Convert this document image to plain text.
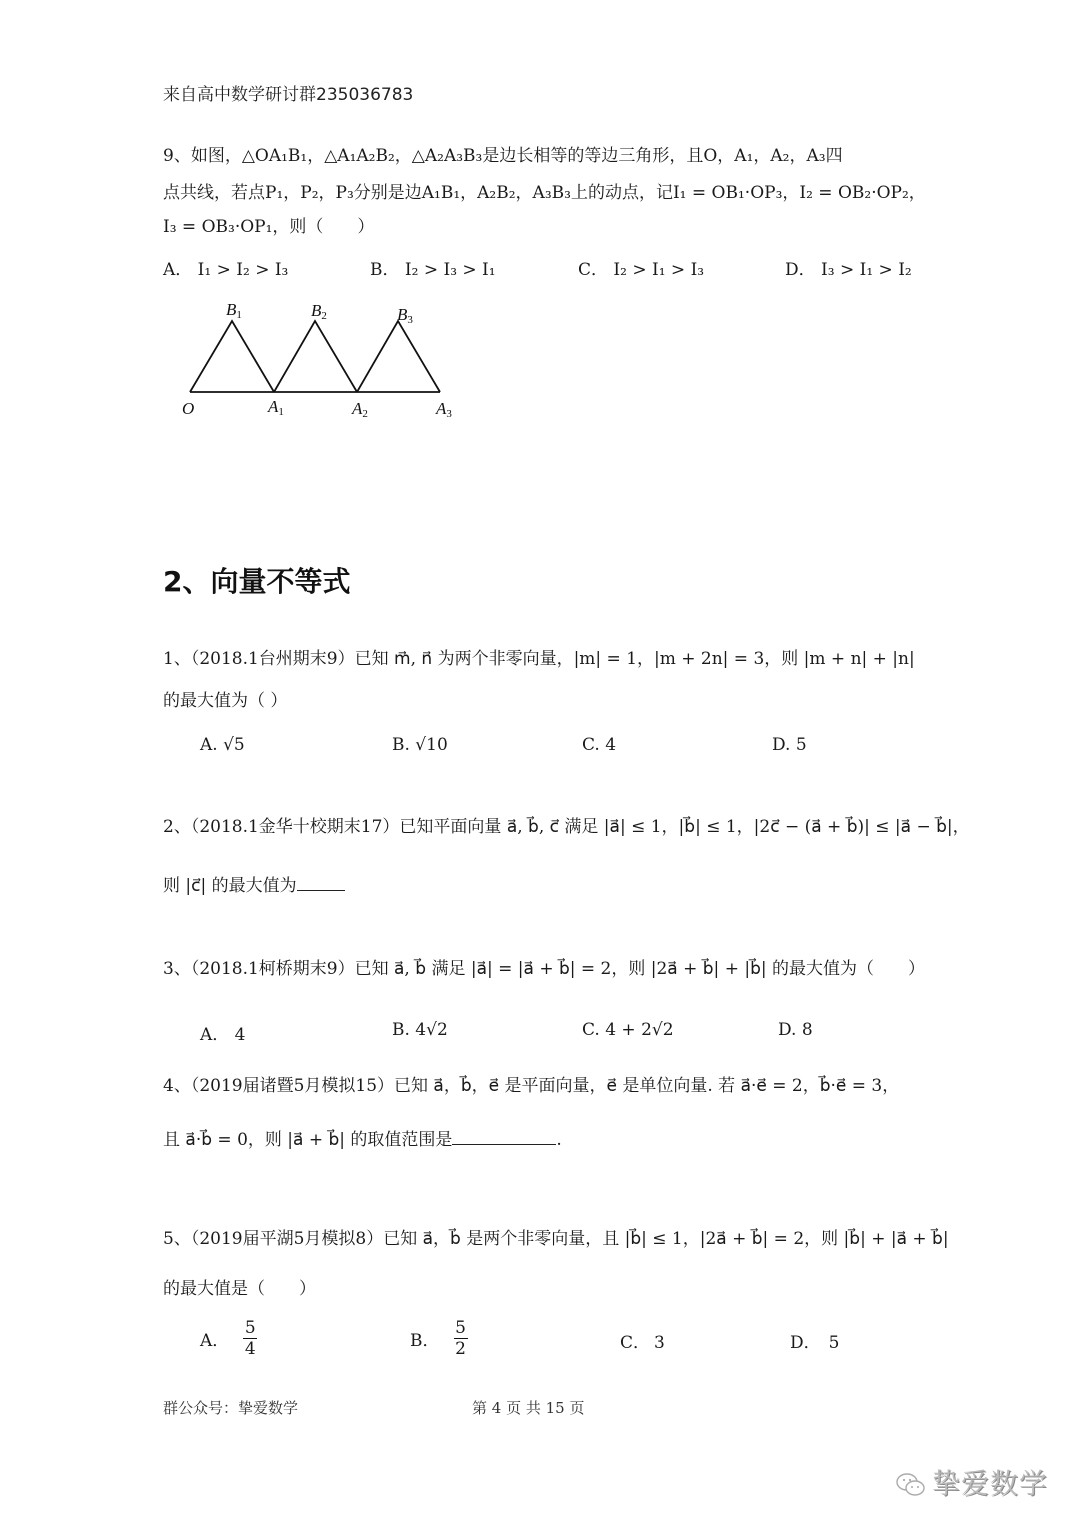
来自高中数学研讨群235036783
9、如图，△OA₁B₁，△A₁A₂B₂，△A₂A₃B₃是边长相等的等边三角形，且O，A₁，A₂，A₃四
点共线，若点P₁，P₂，P₃分别是边A₁B₁，A₂B₂，A₃B₃上的动点，记I₁ = OB₁·OP₃，I₂ = OB₂·OP₂，
I₃ = OB₃·OP₁，则（　　）
A． I₁ > I₂ > I₃	B． I₂ > I₃ > I₁	C． I₂ > I₁ > I₃	D． I₃ > I₁ > I₂
O	A1	A2	A3
B1	B2	B3
2、向量不等式
1、（2018.1台州期末9）已知 m⃗, n⃗ 为两个非零向量，|m| = 1，|m + 2n| = 3，则 |m + n| + |n|
的最大值为（ ）
A. √5	B. √10	C. 4	D. 5
2、（2018.1金华十校期末17）已知平面向量 a⃗, b⃗, c⃗ 满足 |a⃗| ≤ 1，|b⃗| ≤ 1，|2c⃗ − (a⃗ + b⃗)| ≤ |a⃗ − b⃗|，
则 |c⃗| 的最大值为
3、（2018.1柯桥期末9）已知 a⃗, b⃗ 满足 |a⃗| = |a⃗ + b⃗| = 2，则 |2a⃗ + b⃗| + |b⃗| 的最大值为（　　）
A． 4	B. 4√2	C. 4 + 2√2	D. 8
4、（2019届诸暨5月模拟15）已知 a⃗，b⃗，e⃗ 是平面向量，e⃗ 是单位向量. 若 a⃗·e⃗ = 2，b⃗·e⃗ = 3，
且 a⃗·b⃗ = 0，则 |a⃗ + b⃗| 的取值范围是	.
5、（2019届平湖5月模拟8）已知 a⃗，b⃗ 是两个非零向量，且 |b⃗| ≤ 1，|2a⃗ + b⃗| = 2，则 |b⃗| + |a⃗ + b⃗|
的最大值是（　　）
A．
5
4	B．
5
2	C． 3	D． 5
群公众号：挚爱数学	第 4 页 共 15 页
挚爱数学
